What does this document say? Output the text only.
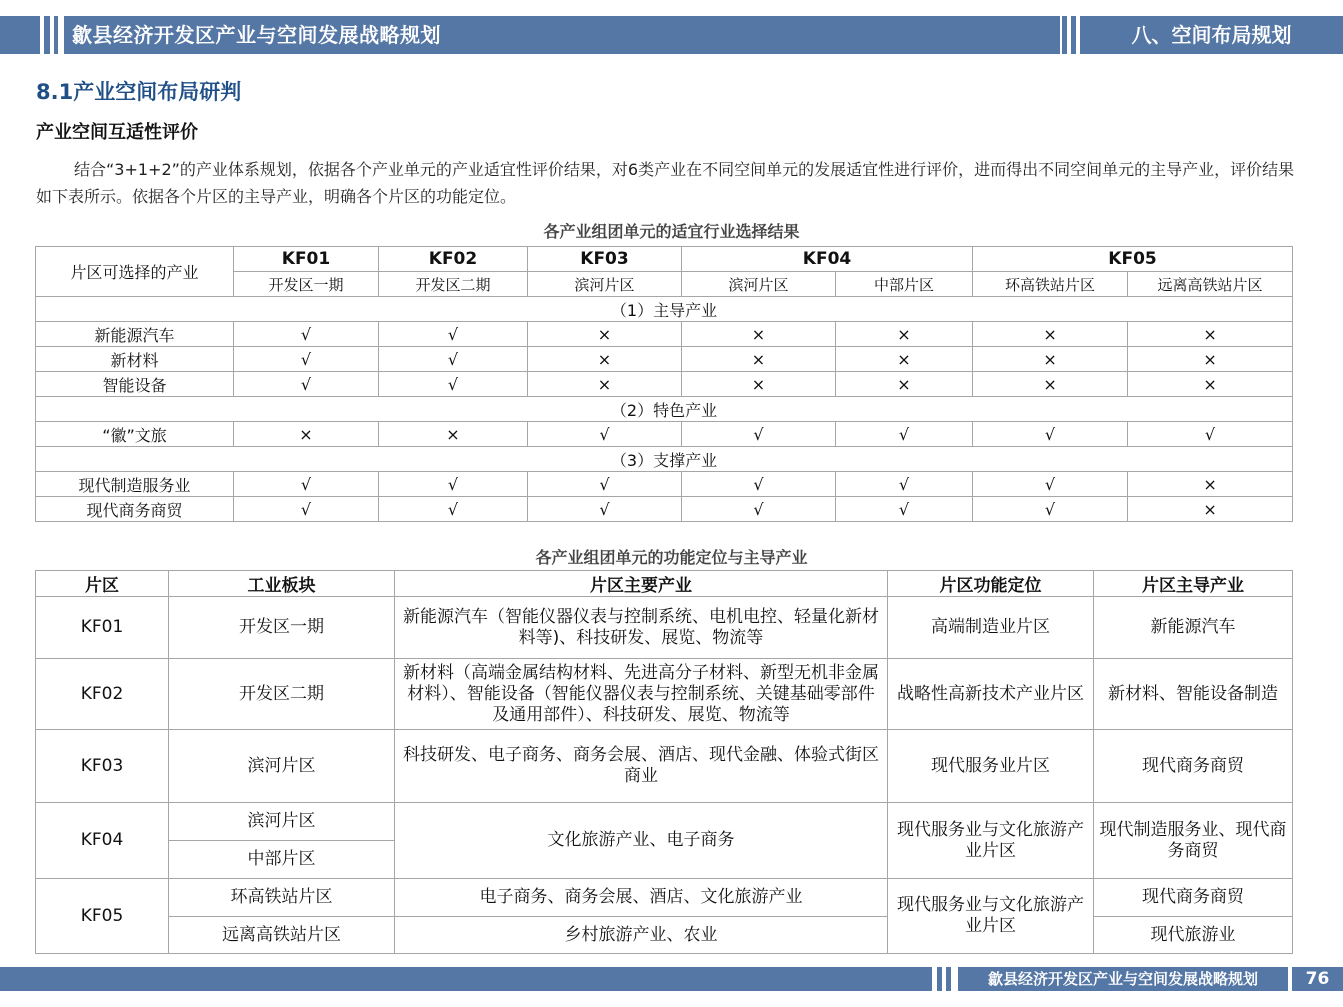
歙县经济开发区产业与空间发展战略规划	八、空间布局规划
8.1产业空间布局研判
产业空间互适性评价
结合“3+1+2”的产业体系规划，依据各个产业单元的产业适宜性评价结果，对6类产业在不同空间单元的发展适宜性进行评价，进而得出不同空间单元的主导产业，评价结果如下表所示。依据各个片区的主导产业，明确各个片区的功能定位。
各产业组团单元的适宜行业选择结果
片区可选择的产业	KF01	KF02	KF03	KF04		KF05	
	开发区一期	开发区二期	滨河片区	滨河片区	中部片区	环高铁站片区	远离高铁站片区
（1）主导产业							
新能源汽车	√	√	×	×	×	×	×
新材料	√	√	×	×	×	×	×
智能设备	√	√	×	×	×	×	×
（2）特色产业							
“徽”文旅	×	×	√	√	√	√	√
（3）支撑产业							
现代制造服务业	√	√	√	√	√	√	×
现代商务商贸	√	√	√	√	√	√	×
各产业组团单元的功能定位与主导产业
片区	工业板块	片区主要产业	片区功能定位	片区主导产业
KF01	开发区一期	新能源汽车（智能仪器仪表与控制系统、电机电控、轻量化新材料等)、科技研发、展览、物流等	高端制造业片区	新能源汽车
KF02	开发区二期	新材料（高端金属结构材料、先进高分子材料、新型无机非金属材料）、智能设备（智能仪器仪表与控制系统、关键基础零部件及通用部件）、科技研发、展览、物流等	战略性高新技术产业片区	新材料、智能设备制造
KF03	滨河片区	科技研发、电子商务、商务会展、酒店、现代金融、体验式街区商业	现代服务业片区	现代商务商贸
KF04	滨河片区	文化旅游产业、电子商务	现代服务业与文化旅游产业片区	现代制造服务业、现代商务商贸
	中部片区			
KF05	环高铁站片区	电子商务、商务会展、酒店、文化旅游产业	现代服务业与文化旅游产业片区	现代商务商贸
	远离高铁站片区	乡村旅游产业、农业		现代旅游业
歙县经济开发区产业与空间发展战略规划	76
